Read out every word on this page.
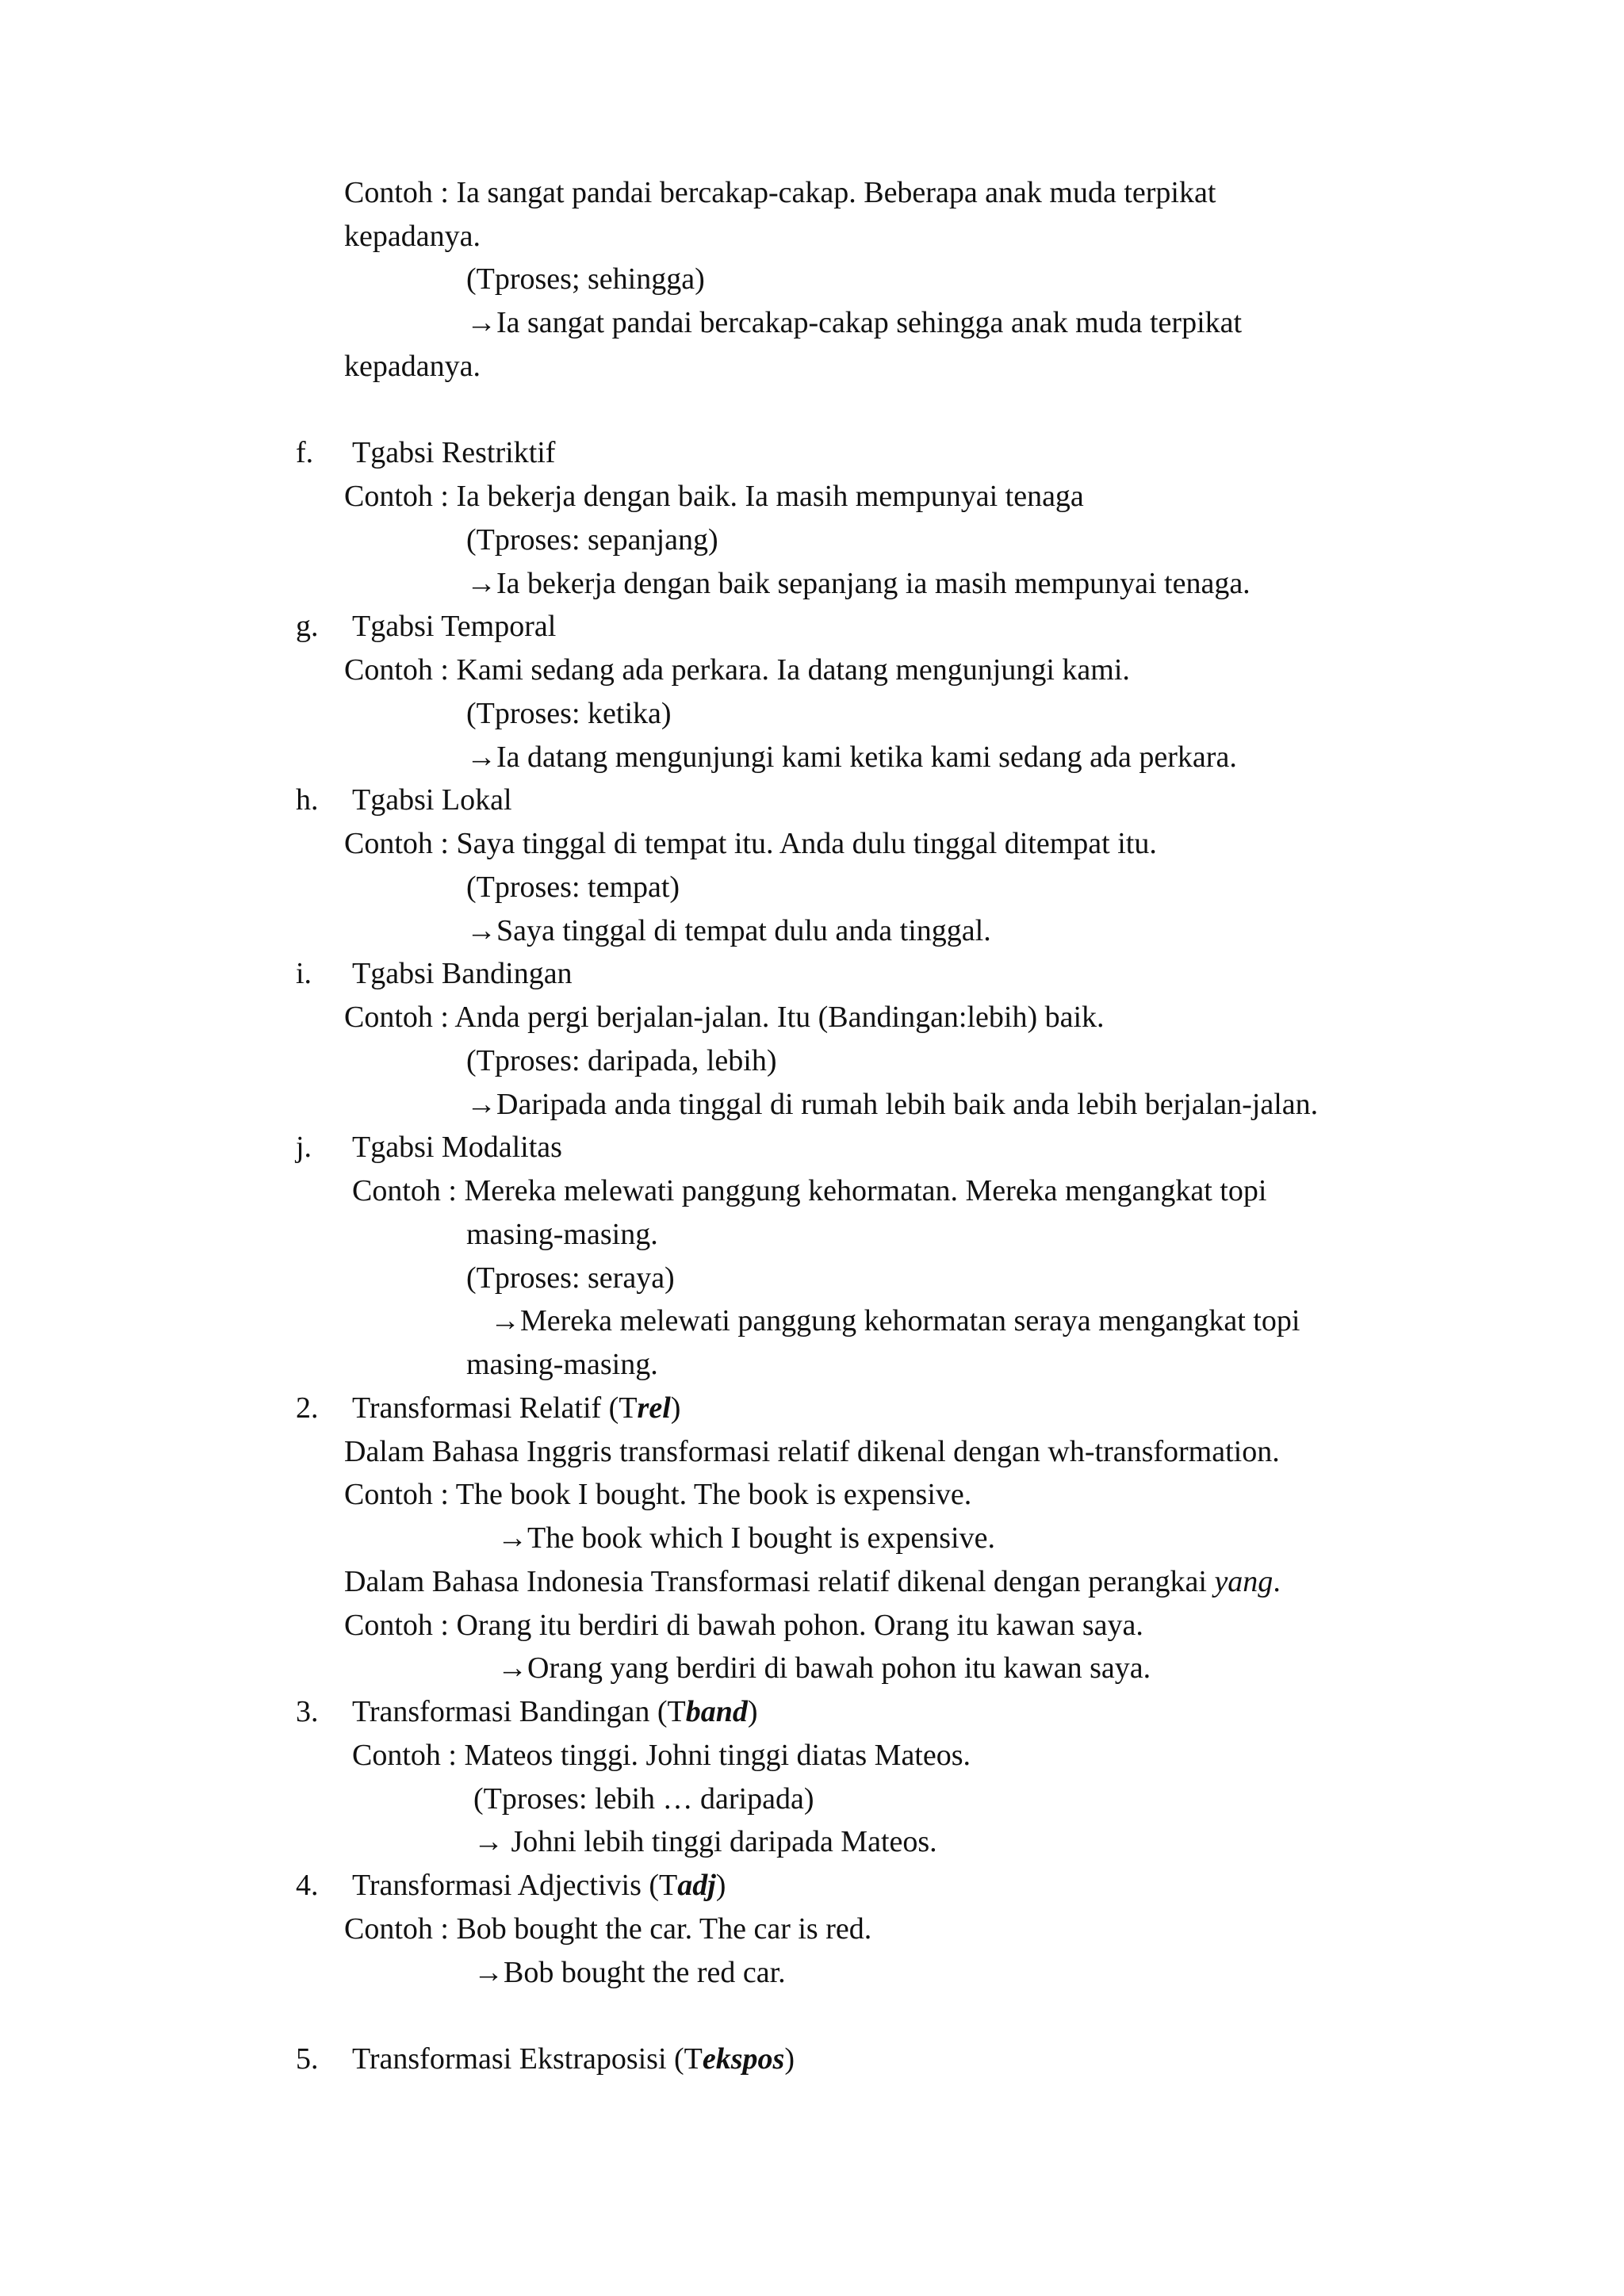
Contoh : Ia sangat pandai bercakap-cakap. Beberapa anak muda terpikat
kepadanya.
(Tproses; sehingga)
→Ia sangat pandai bercakap-cakap sehingga anak muda terpikat
kepadanya.
f. Tgabsi Restriktif
Contoh : Ia bekerja dengan baik. Ia masih mempunyai tenaga
(Tproses: sepanjang)
→Ia bekerja dengan baik sepanjang ia masih mempunyai tenaga.
g. Tgabsi Temporal
Contoh : Kami sedang ada perkara. Ia datang mengunjungi kami.
(Tproses: ketika)
→Ia datang mengunjungi kami ketika kami sedang ada perkara.
h. Tgabsi Lokal
Contoh : Saya tinggal di tempat itu. Anda dulu tinggal ditempat itu.
(Tproses: tempat)
→Saya tinggal di tempat dulu anda tinggal.
i. Tgabsi Bandingan
Contoh : Anda pergi berjalan-jalan. Itu (Bandingan:lebih) baik.
(Tproses: daripada, lebih)
→Daripada anda tinggal di rumah lebih baik anda lebih berjalan-jalan.
j. Tgabsi Modalitas
Contoh : Mereka melewati panggung kehormatan. Mereka mengangkat topi
masing-masing.
(Tproses: seraya)
→Mereka melewati panggung kehormatan seraya mengangkat topi
masing-masing.
2. Transformasi Relatif (Trel)
Dalam Bahasa Inggris transformasi relatif dikenal dengan wh-transformation.
Contoh : The book I bought. The book is expensive.
→The book which I bought is expensive.
Dalam Bahasa Indonesia Transformasi relatif dikenal dengan perangkai yang.
Contoh : Orang itu berdiri di bawah pohon. Orang itu kawan saya.
→Orang yang berdiri di bawah pohon itu kawan saya.
3. Transformasi Bandingan (Tband)
Contoh : Mateos tinggi. Johni tinggi diatas Mateos.
(Tproses: lebih … daripada)
→ Johni lebih tinggi daripada Mateos.
4. Transformasi Adjectivis (Tadj)
Contoh : Bob bought the car. The car is red.
→Bob bought the red car.
5. Transformasi Ekstraposisi (Tekspos)
